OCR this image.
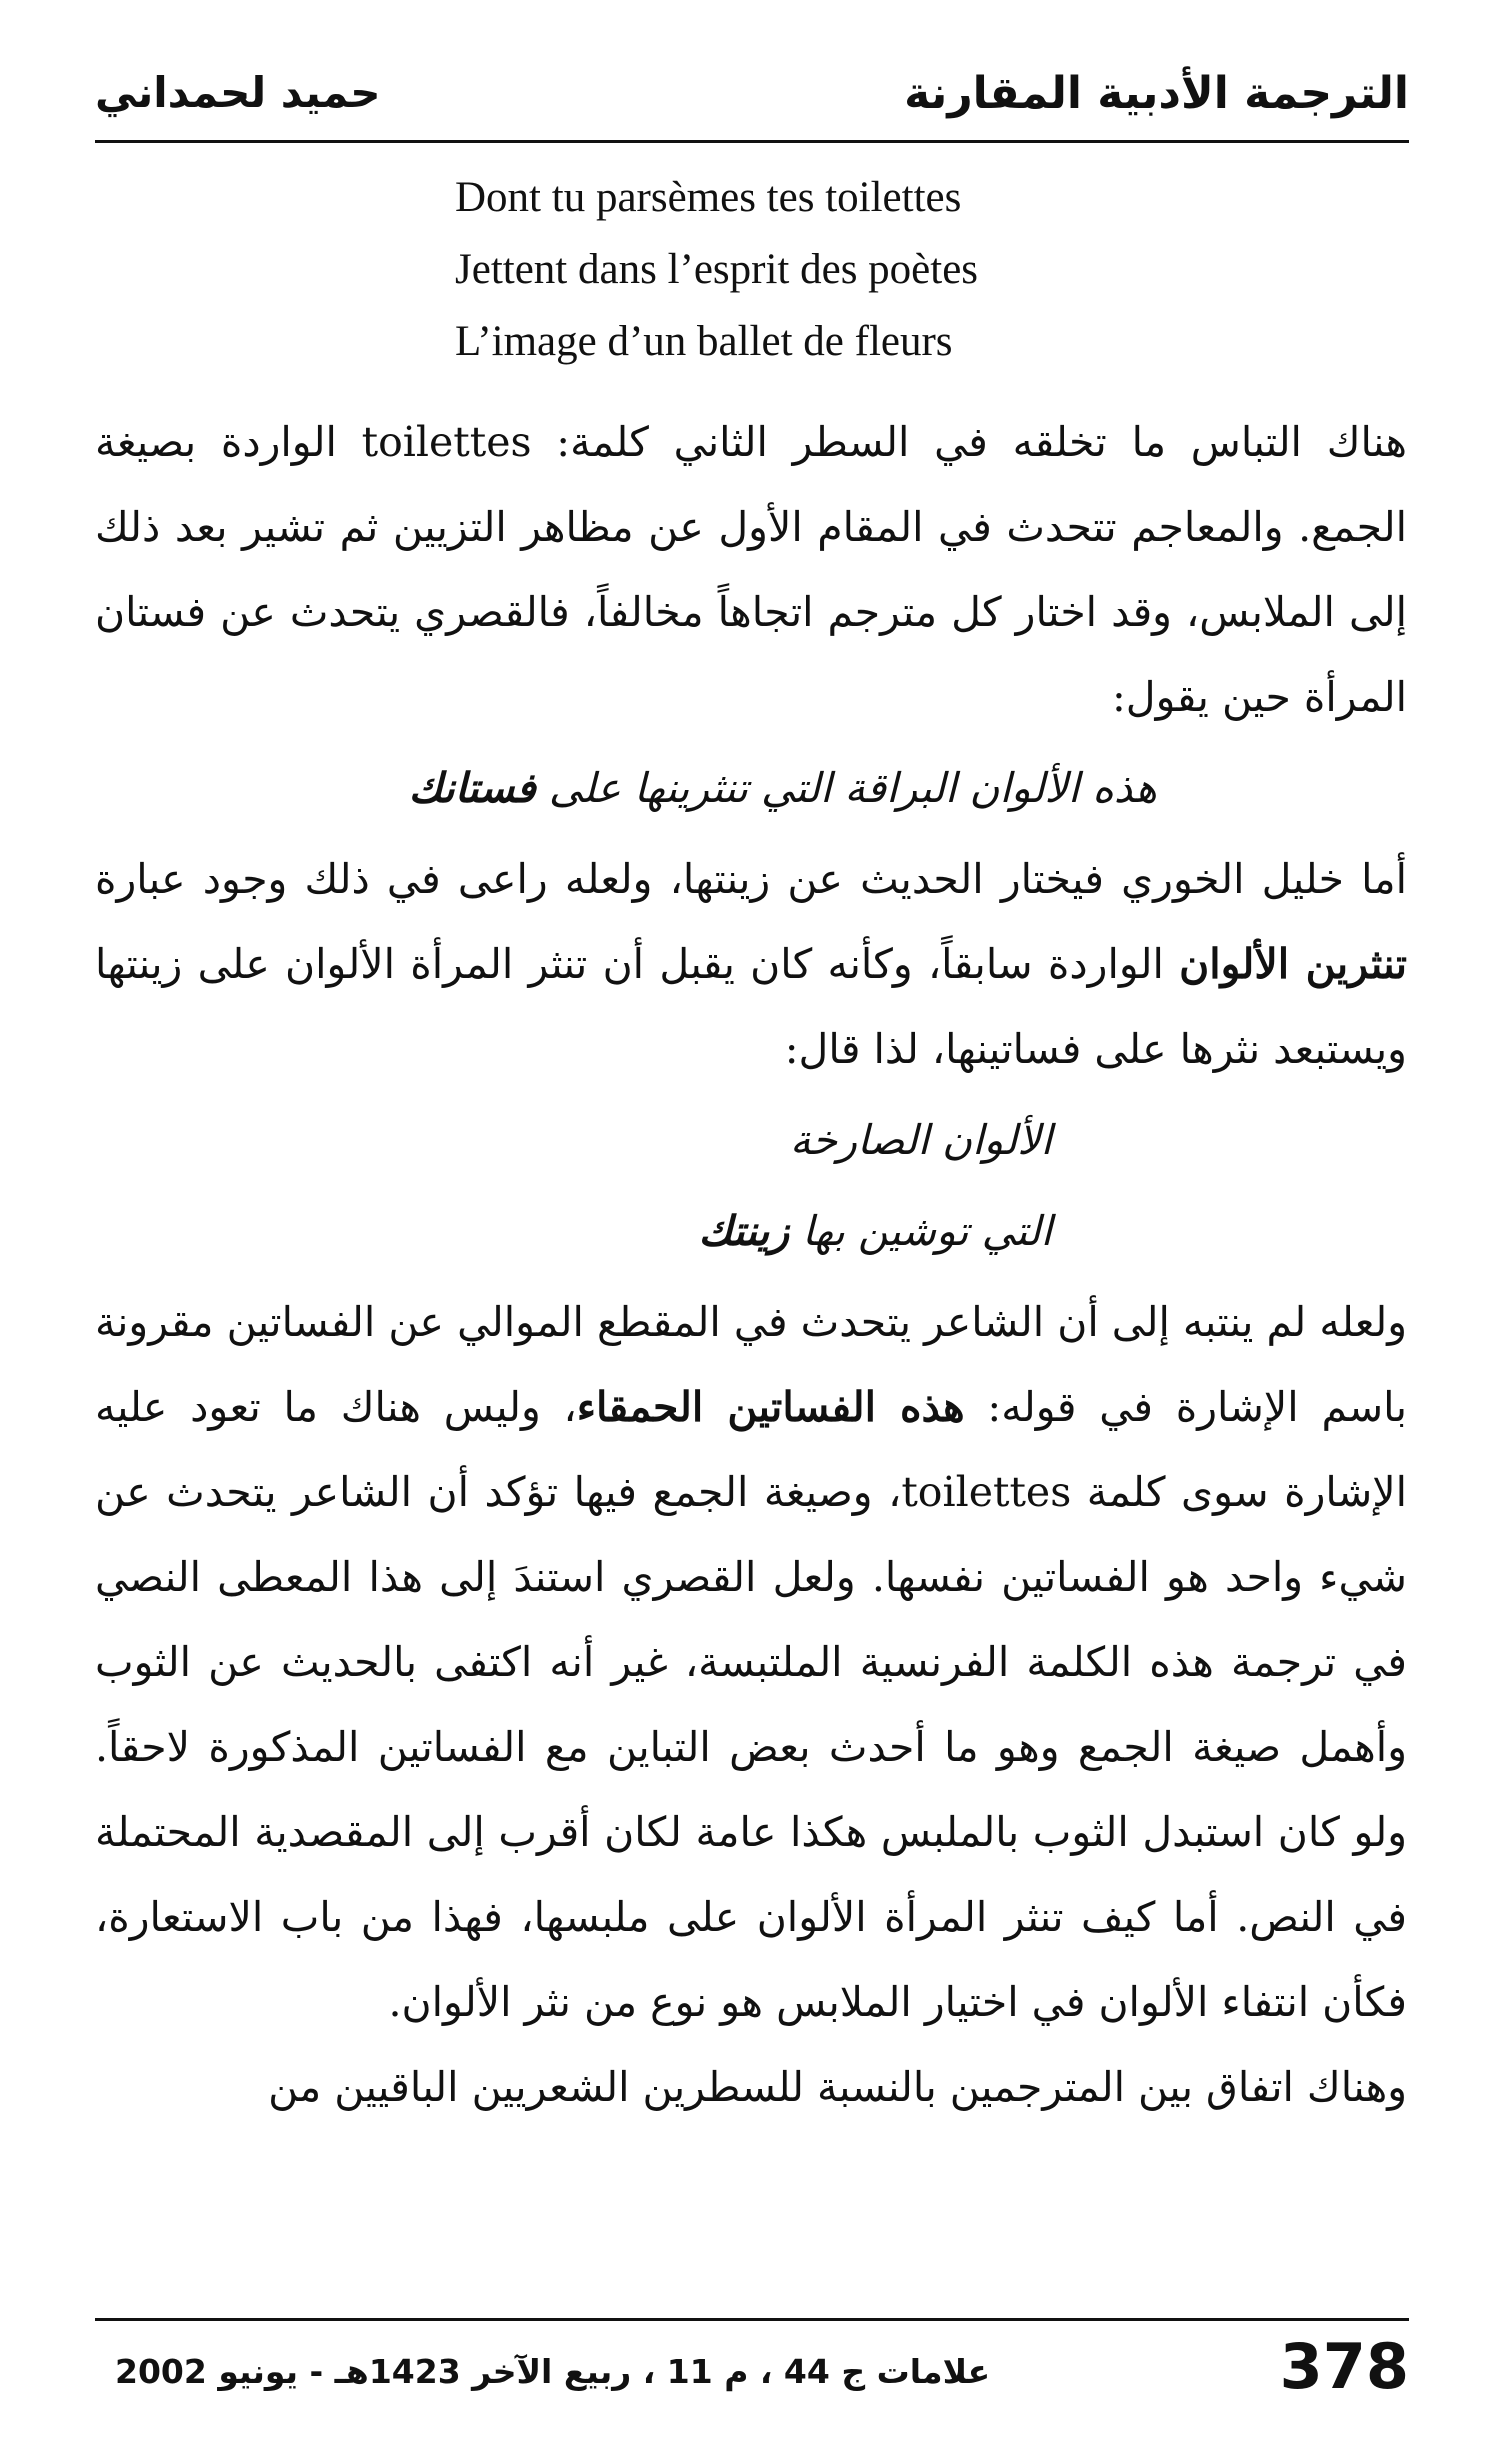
الترجمة الأدبية المقارنة
حميد لحمداني
Dont tu parsèmes tes toilettes
Jettent dans l’esprit des poètes
L’image d’un ballet de fleurs

هناك التباس ما تخلقه في السطر الثاني كلمة: toilettes الواردة بصيغة الجمع. والمعاجم تتحدث في المقام الأول عن مظاهر التزيين ثم تشير بعد ذلك إلى الملابس، وقد اختار كل مترجم اتجاهاً مخالفاً، فالقصري يتحدث عن فستان المرأة حين يقول:

هذه الألوان البراقة التي تنثرينها على فستانك

أما خليل الخوري فيختار الحديث عن زينتها، ولعله راعى في ذلك وجود عبارة تنثرين الألوان الواردة سابقاً، وكأنه كان يقبل أن تنثر المرأة الألوان على زينتها ويستبعد نثرها على فساتينها، لذا قال:

الألوان الصارخة

التي توشين بها زينتك

ولعله لم ينتبه إلى أن الشاعر يتحدث في المقطع الموالي عن الفساتين مقرونة باسم الإشارة في قوله: هذه الفساتين الحمقاء، وليس هناك ما تعود عليه الإشارة سوى كلمة toilettes، وصيغة الجمع فيها تؤكد أن الشاعر يتحدث عن شيء واحد هو الفساتين نفسها. ولعل القصري استندَ إلى هذا المعطى النصي في ترجمة هذه الكلمة الفرنسية الملتبسة، غير أنه اكتفى بالحديث عن الثوب وأهمل صيغة الجمع وهو ما أحدث بعض التباين مع الفساتين المذكورة لاحقاً. ولو كان استبدل الثوب بالملبس هكذا عامة لكان أقرب إلى المقصدية المحتملة في النص. أما كيف تنثر المرأة الألوان على ملبسها، فهذا من باب الاستعارة، فكأن انتفاء الألوان في اختيار الملابس هو نوع من نثر الألوان.

وهناك اتفاق بين المترجمين بالنسبة للسطرين الشعريين الباقيين من

378
علامات ج 44 ، م 11 ، ربيع الآخر 1423هـ - يونيو 2002
